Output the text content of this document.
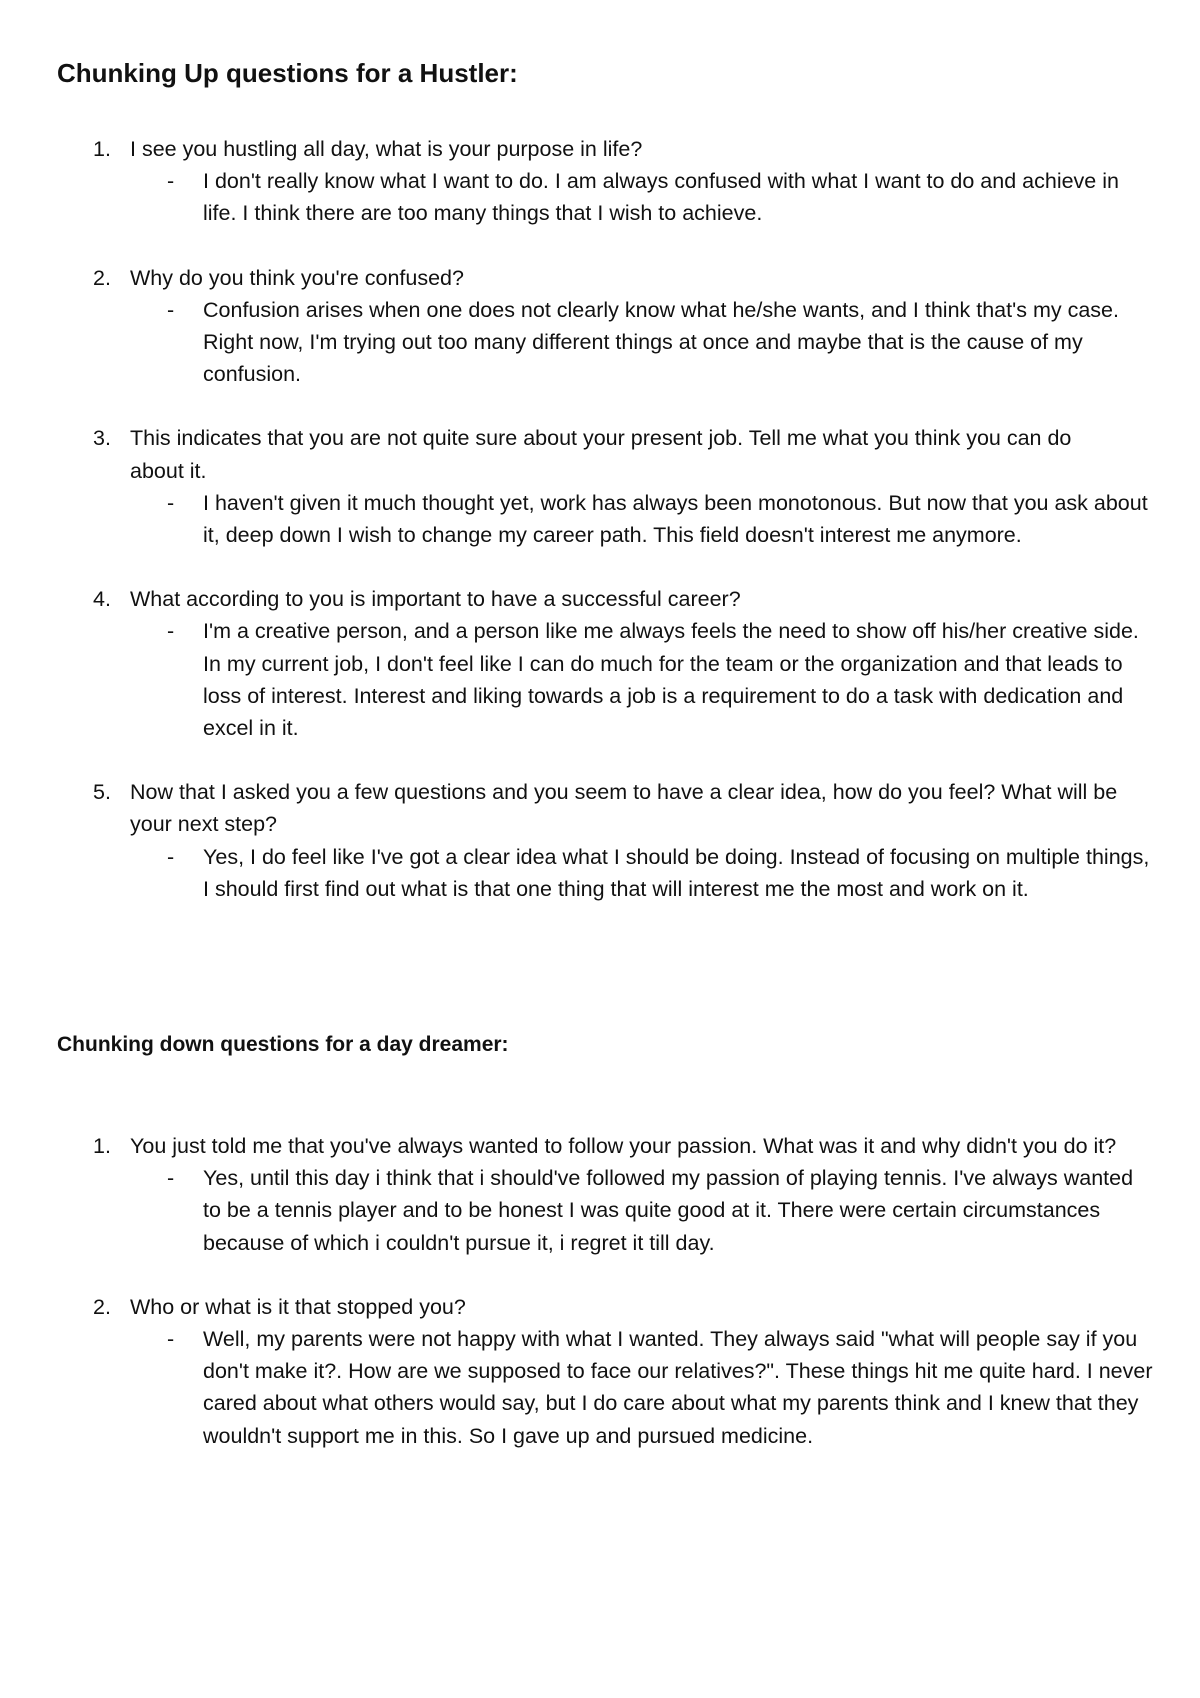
Chunking Up questions for a Hustler:
1. I see you hustling all day, what is your purpose in life?
- I don't really know what I want to do. I am always confused with what I want to do and achieve in life. I think there are too many things that I wish to achieve.
2. Why do you think you're confused?
- Confusion arises when one does not clearly know what he/she wants, and I think that's my case. Right now, I'm trying out too many different things at once and maybe that is the cause of my confusion.
3. This indicates that you are not quite sure about your present job. Tell me what you think you can do about it.
- I haven't given it much thought yet, work has always been monotonous. But now that you ask about it, deep down I wish to change my career path. This field doesn't interest me anymore.
4. What according to you is important to have a successful career?
- I'm a creative person, and a person like me always feels the need to show off his/her creative side. In my current job, I don't feel like I can do much for the team or the organization and that leads to loss of interest. Interest and liking towards a job is a requirement to do a task with dedication and excel in it.
5. Now that I asked you a few questions and you seem to have a clear idea, how do you feel? What will be your next step?
- Yes, I do feel like I've got a clear idea what I should be doing. Instead of focusing on multiple things, I should first find out what is that one thing that will interest me the most and work on it.
Chunking down questions for a day dreamer:
1. You just told me that you've always wanted to follow your passion. What was it and why didn't you do it?
- Yes, until this day i think that i should've followed my passion of playing tennis. I've always wanted to be a tennis player and to be honest I was quite good at it. There were certain circumstances because of which i couldn't pursue it, i regret it till day.
2. Who or what is it that stopped you?
- Well, my parents were not happy with what I wanted. They always said "what will people say if you don't make it?. How are we supposed to face our relatives?". These things hit me quite hard. I never cared about what others would say, but I do care about what my parents think and I knew that they wouldn't support me in this. So I gave up and pursued medicine.
